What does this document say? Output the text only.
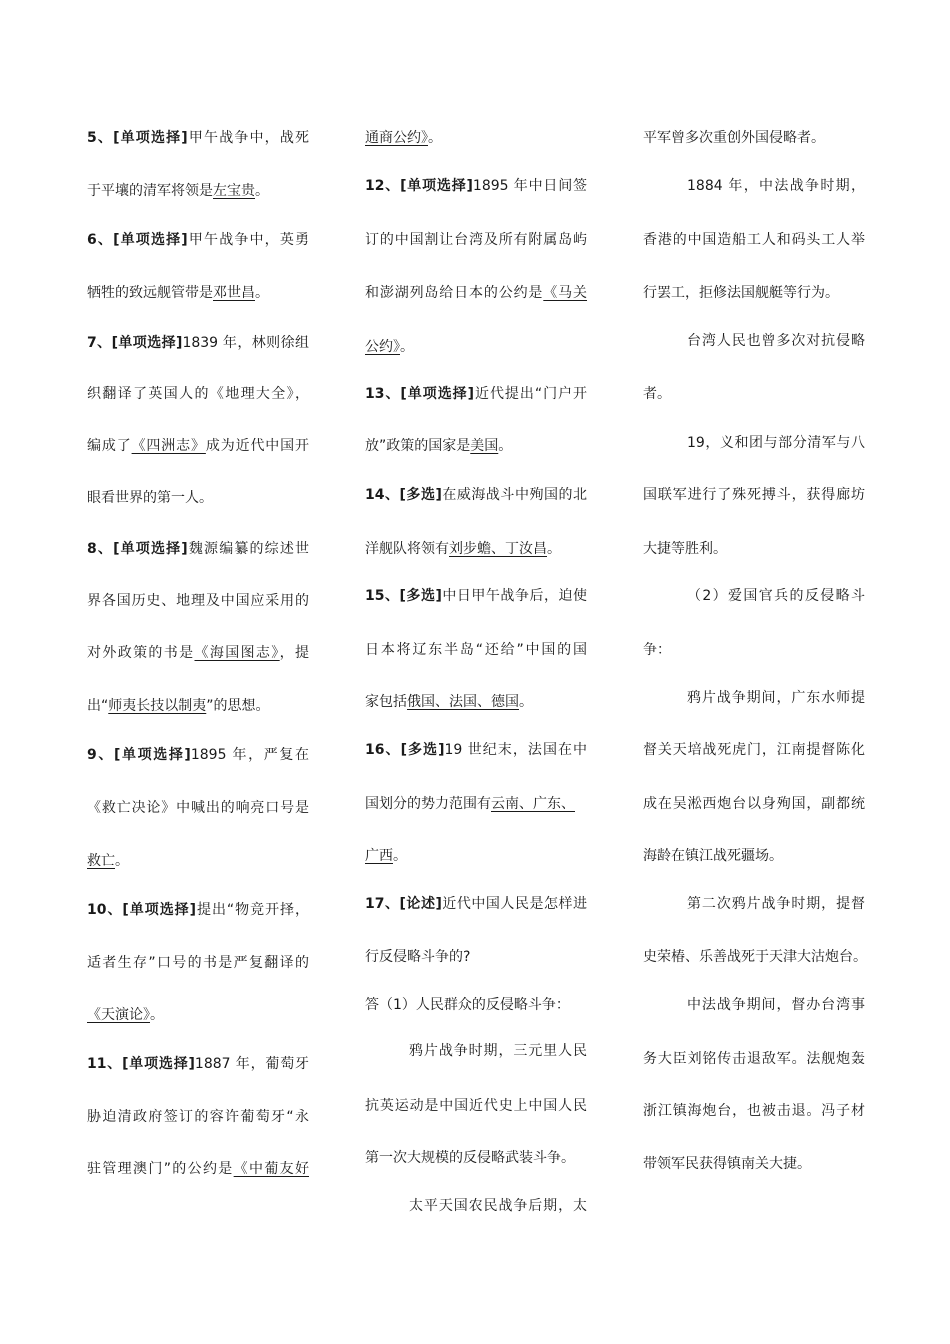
5、[单项选择]甲午战争中，战死
于平壤的清军将领是左宝贵。
6、[单项选择]甲午战争中，英勇
牺牲的致远舰管带是邓世昌。
7、[单项选择]1839 年，林则徐组
织翻译了英国人的《地理大全》，
编成了《四洲志》成为近代中国开
眼看世界的第一人。
8、[单项选择]魏源编纂的综述世
界各国历史、地理及中国应采用的
对外政策的书是《海国图志》，提
出“师夷长技以制夷”的思想。
9、[单项选择]1895 年，严复在
《救亡决论》中喊出的响亮口号是
救亡。
10、[单项选择]提出“物竞开择，
适者生存”口号的书是严复翻译的
《天演论》。
11、[单项选择]1887 年，葡萄牙
胁迫清政府签订的容许葡萄牙“永
驻管理澳门”的公约是《中葡友好
通商公约》。
12、[单项选择]1895 年中日间签
订的中国割让台湾及所有附属岛屿
和澎湖列岛给日本的公约是《马关
公约》。
13、[单项选择]近代提出“门户开
放”政策的国家是美国。
14、[多选]在威海战斗中殉国的北
洋舰队将领有刘步蟾、丁汝昌。
15、[多选]中日甲午战争后，迫使
日本将辽东半岛“还给”中国的国
家包括俄国、法国、德国。
16、[多选]19 世纪末，法国在中
国划分的势力范围有云南、广东、
广西。
17、[论述]近代中国人民是怎样进
行反侵略斗争的?
答（1）人民群众的反侵略斗争：
鸦片战争时期，三元里人民
抗英运动是中国近代史上中国人民
第一次大规模的反侵略武装斗争。
太平天国农民战争后期，太
平军曾多次重创外国侵略者。
1884 年，中法战争时期，
香港的中国造船工人和码头工人举
行罢工，拒修法国舰艇等行为。
台湾人民也曾多次对抗侵略
者。
19，义和团与部分清军与八
国联军进行了殊死搏斗，获得廊坊
大捷等胜利。
（2）爱国官兵的反侵略斗
争：
鸦片战争期间，广东水师提
督关天培战死虎门，江南提督陈化
成在吴淞西炮台以身殉国，副都统
海龄在镇江战死疆场。
第二次鸦片战争时期，提督
史荣椿、乐善战死于天津大沽炮台。
中法战争期间，督办台湾事
务大臣刘铭传击退敌军。法舰炮轰
浙江镇海炮台，也被击退。冯子材
带领军民获得镇南关大捷。
